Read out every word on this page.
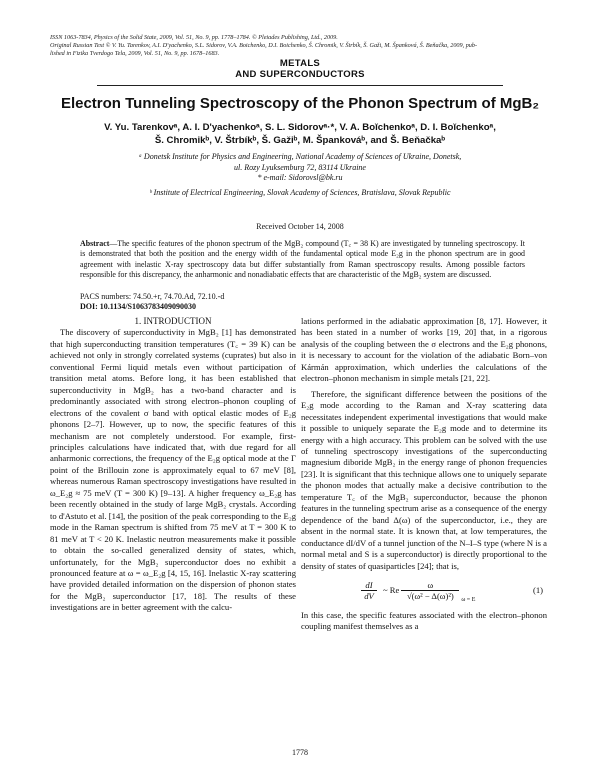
ISSN 1063-7834, Physics of the Solid State, 2009, Vol. 51, No. 9, pp. 1778–1784. © Pleiades Publishing, Ltd., 2009.
Original Russian Text © V. Yu. Tarenkov, A.I. D'yachenko, S.L. Sidorov, V.A. Boichenko, D.I. Boichenko, Š. Chromik, V. Štrbík, Š. Gaži, M. Španková, Š. Beňačka, 2009, pub-
lished in Fizika Tverdogo Tela, 2009, Vol. 51, No. 9, pp. 1678–1683.
METALS
AND SUPERCONDUCTORS
Electron Tunneling Spectroscopy of the Phonon Spectrum of MgB₂
V. Yu. Tarenkovᵃ, A. I. D'yachenkoᵃ, S. L. Sidorovᵃ·*, V. A. Boĭchenkoᵃ, D. I. Boĭchenkoᵃ,
Š. Chromikᵇ, V. Štrbíkᵇ, Š. Gažiᵇ, M. Špankováᵇ, and Š. Beňačkaᵇ
ᵃ Donetsk Institute for Physics and Engineering, National Academy of Sciences of Ukraine, Donetsk,
ul. Rozy Lyuksemburg 72, 83114 Ukraine
* e-mail: Sidorovsl@bk.ru
ᵇ Institute of Electrical Engineering, Slovak Academy of Sciences, Bratislava, Slovak Republic
Received October 14, 2008
Abstract—The specific features of the phonon spectrum of the MgB₂ compound (T꜀ = 38 K) are investigated by tunneling spectroscopy. It is demonstrated that both the position and the energy width of the fundamental optical mode E₂g in the phonon spectrum are in good agreement with inelastic X-ray spectroscopy data but differ substantially from Raman spectroscopy results. Among possible factors responsible for this discrepancy, the anharmonic and nonadiabatic effects that are characteristic of the MgB₂ system are discussed.
PACS numbers: 74.50.+r, 74.70.Ad, 72.10.-d
DOI: 10.1134/S1063783409090030

1. INTRODUCTION

The discovery of superconductivity in MgB₂ [1] has demonstrated that high superconducting transition temperatures (T꜀ = 39 K) can be achieved not only in strongly correlated systems (cuprates) but also in conventional Fermi liquid metals even without participation of transition metal atoms. Before long, it has been established that superconductivity in MgB₂ has a two-band character and is predominantly associated with strong electron–phonon coupling of electrons of the covalent σ band with optical elastic modes of E₂g phonons [2–7]. However, up to now, the specific features of this mechanism are not completely understood. For example, first-principles calculations have indicated that, with due regard for all anharmonic corrections, the frequency of the E₂g optical mode at the Γ point of the Brillouin zone is approximately equal to 67 meV [8], whereas numerous Raman spectroscopy investigations have resulted in ω_E₂g ≈ 75 meV (T = 300 K) [9–13]. A higher frequency ω_E₂g has been recently obtained in the study of large MgB₂ crystals. According to d'Astuto et al. [14], the position of the peak corresponding to the E₂g mode in the Raman spectrum is shifted from 75 meV at T = 300 K to 81 meV at T < 20 K. Inelastic neutron measurements make it possible to obtain the so-called generalized density of states, which, unfortunately, for the MgB₂ superconductor does no exhibit a pronounced feature at ω = ω_E₂g [4, 15, 16]. Inelastic X-ray scattering have provided detailed information on the dispersion of phonon states for the MgB₂ superconductor [17, 18]. The results of these investigations are in better agreement with the calcu-

lations performed in the adiabatic approximation [8, 17]. However, it has been stated in a number of works [19, 20] that, in a rigorous analysis of the coupling between the σ electrons and the E₂g phonons, it is necessary to account for the violation of the adiabatic Born–von Kármán approximation, which underlies the calculations of the electron–phonon mechanism in simple metals [21, 22].

Therefore, the significant difference between the positions of the E₂g mode according to the Raman and X-ray scattering data necessitates independent experimental investigations that would make it possible to uniquely separate the E₂g mode and to determine its energy with a high accuracy. This problem can be solved with the use of tunneling spectroscopy investigations of the superconducting magnesium diboride MgB₂ in the energy range of phonon frequencies [23]. It is significant that this technique allows one to uniquely separate the phonon modes that actually make a decisive contribution to the temperature T꜀ of the MgB₂ superconductor, because the phonon features in the tunneling spectrum arise as a consequence of the energy dependence of the band Δ(ω) of the superconductor, i.e., they are absent in the normal state. It is known that, at low temperatures, the conductance dI/dV of a tunnel junction of the N–I–S type (where N is a normal metal and S is a superconductor) is directly proportional to the density of states of quasiparticles [24]; that is,

dI
dV
~ Re $\frac{\omega}{\text{√(ω² − Δ(ω)²)}}$ ω = E
(1)

In this case, the specific features associated with the electron–phonon coupling manifest themselves as a

1778
